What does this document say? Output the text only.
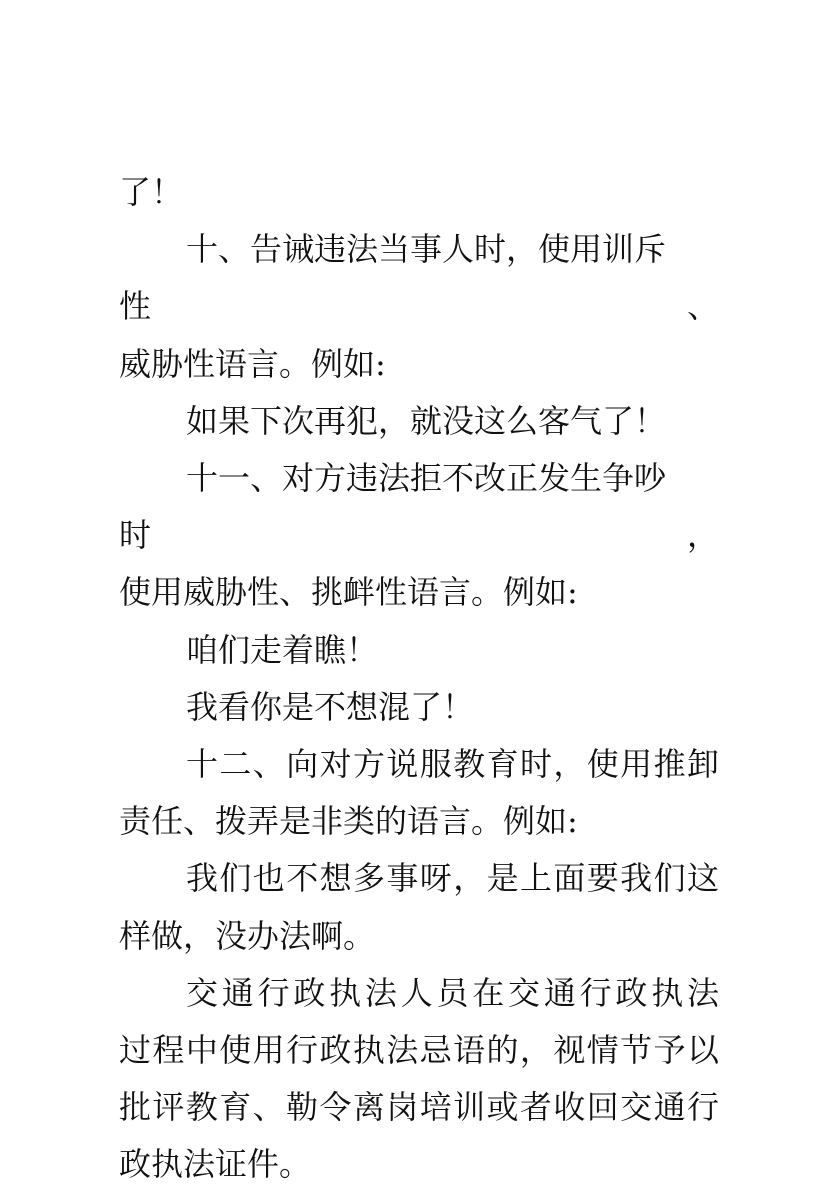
了！

十、告诫违法当事人时，使用训斥性、
威胁性语言。例如:

如果下次再犯，就没这么客气了！

十一、对方违法拒不改正发生争吵时，
使用威胁性、挑衅性语言。例如:

咱们走着瞧！

我看你是不想混了！

十二、向对方说服教育时，使用推卸
责任、拨弄是非类的语言。例如:

我们也不想多事呀，是上面要我们这
样做，没办法啊。

交通行政执法人员在交通行政执法
过程中使用行政执法忌语的，视情节予以
批评教育、勒令离岗培训或者收回交通行
政执法证件。
